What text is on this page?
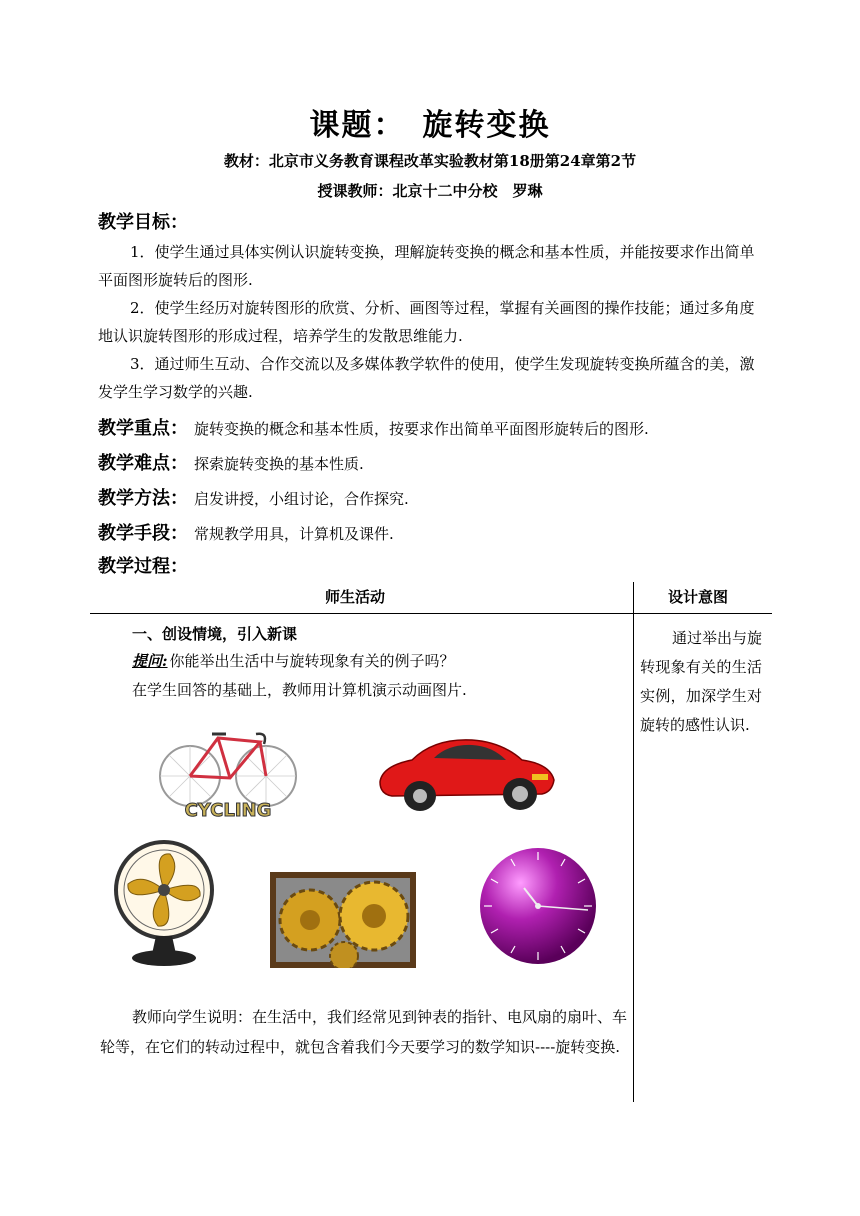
课题：　旋转变换
教材：北京市义务教育课程改革实验教材第18册第24章第2节
授课教师：北京十二中分校　罗琳
教学目标：
1．使学生通过具体实例认识旋转变换，理解旋转变换的概念和基本性质，并能按要求作出简单平面图形旋转后的图形.
2．使学生经历对旋转图形的欣赏、分析、画图等过程，掌握有关画图的操作技能；通过多角度地认识旋转图形的形成过程，培养学生的发散思维能力.
3．通过师生互动、合作交流以及多媒体教学软件的使用，使学生发现旋转变换所蕴含的美，激发学生学习数学的兴趣.
教学重点： 旋转变换的概念和基本性质，按要求作出简单平面图形旋转后的图形.
教学难点： 探索旋转变换的基本性质.
教学方法： 启发讲授，小组讨论，合作探究.
教学手段： 常规教学用具，计算机及课件.
教学过程：
师生活动	设计意图
一、创设情境，引入新课
提问: 你能举出生活中与旋转现象有关的例子吗？
在学生回答的基础上，教师用计算机演示动画图片.
CYCLING
教师向学生说明：在生活中，我们经常见到钟表的指针、电风扇的扇叶、车轮等，在它们的转动过程中，就包含着我们今天要学习的数学知识----旋转变换.
通过举出与旋转现象有关的生活实例，加深学生对旋转的感性认识.
